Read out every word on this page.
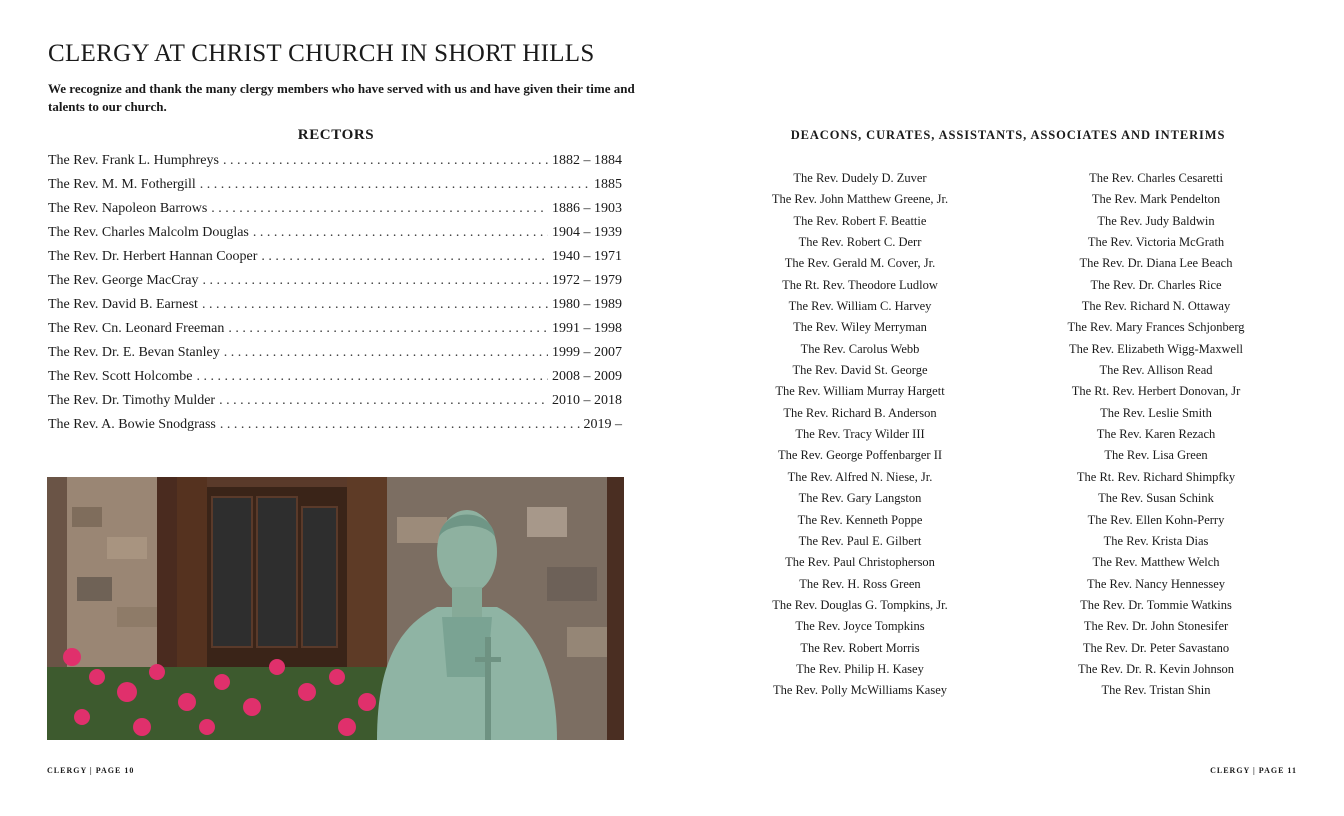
CLERGY AT CHRIST CHURCH IN SHORT HILLS

We recognize and thank the many clergy members who have served with us and have given their time and talents to our church.

RECTORS
The Rev. Frank L. Humphreys . . .	1882 – 1884
The Rev. M. M. Fothergill . . .	1885
The Rev. Napoleon Barrows . . .	1886 – 1903
The Rev. Charles Malcolm Douglas . . .	1904 – 1939
The Rev. Dr. Herbert Hannan Cooper . . .	1940 – 1971
The Rev. George MacCray . . .	1972 – 1979
The Rev. David B. Earnest . . .	1980 – 1989
The Rev. Cn. Leonard Freeman . . .	1991 – 1998
The Rev. Dr. E. Bevan Stanley . . .	1999 – 2007
The Rev. Scott Holcombe . . .	2008 – 2009
The Rev. Dr. Timothy Mulder . . .	2010 – 2018
The Rev. A. Bowie Snodgrass . . .	2019 –

CLERGY | PAGE 10

DEACONS, CURATES, ASSISTANTS, ASSOCIATES AND INTERIMS
The Rev. Dudely D. Zuver
The Rev. John Matthew Greene, Jr.
The Rev. Robert F. Beattie
The Rev. Robert C. Derr
The Rev. Gerald M. Cover, Jr.
The Rt. Rev. Theodore Ludlow
The Rev. William C. Harvey
The Rev. Wiley Merryman
The Rev. Carolus Webb
The Rev. David St. George
The Rev. William Murray Hargett
The Rev. Richard B. Anderson
The Rev. Tracy Wilder III
The Rev. George Poffenbarger II
The Rev. Alfred N. Niese, Jr.
The Rev. Gary Langston
The Rev. Kenneth Poppe
The Rev. Paul E. Gilbert
The Rev. Paul Christopherson
The Rev. H. Ross Green
The Rev. Douglas G. Tompkins, Jr.
The Rev. Joyce Tompkins
The Rev. Robert Morris
The Rev. Philip H. Kasey
The Rev. Polly McWilliams Kasey
The Rev. Charles Cesaretti
The Rev. Mark Pendelton
The Rev. Judy Baldwin
The Rev. Victoria McGrath
The Rev. Dr. Diana Lee Beach
The Rev. Dr. Charles Rice
The Rev. Richard N. Ottaway
The Rev. Mary Frances Schjonberg
The Rev. Elizabeth Wigg-Maxwell
The Rev. Allison Read
The Rt. Rev. Herbert Donovan, Jr
The Rev. Leslie Smith
The Rev. Karen Rezach
The Rev. Lisa Green
The Rt. Rev. Richard Shimpfky
The Rev. Susan Schink
The Rev. Ellen Kohn-Perry
The Rev. Krista Dias
The Rev. Matthew Welch
The Rev. Nancy Hennessey
The Rev. Dr. Tommie Watkins
The Rev. Dr. John Stonesifer
The Rev. Dr. Peter Savastano
The Rev. Dr. R. Kevin Johnson
The Rev. Tristan Shin

CLERGY | PAGE 11
